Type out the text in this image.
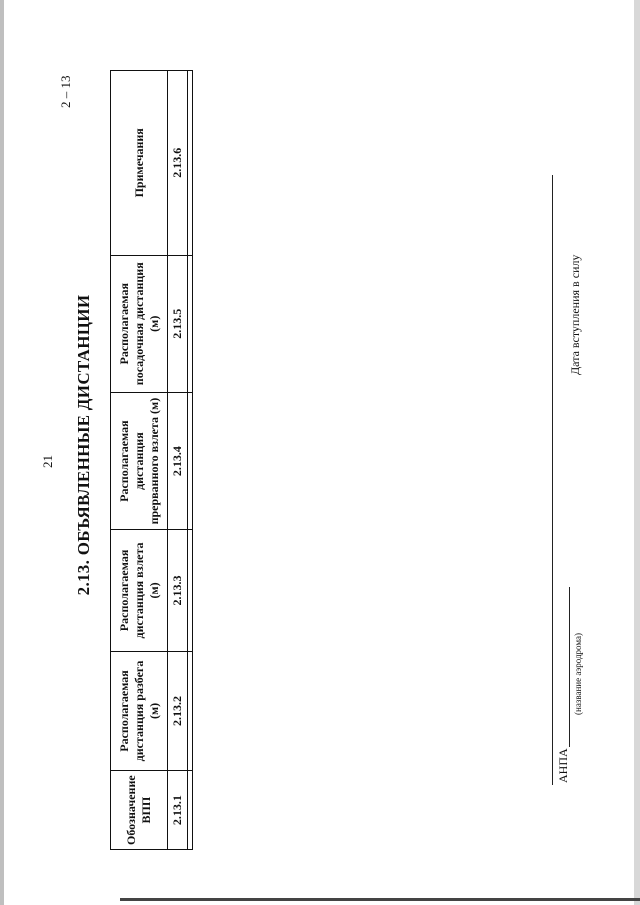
21
2 – 13
2.13. ОБЪЯВЛЕННЫЕ ДИСТАНЦИИ
Обозначение ВПП	Располагаемая дистанция разбега (м)	Располагаемая дистанция взлета (м)	Располагаемая дистанция прерванного взлета (м)	Располагаемая посадочная дистанция (м)	Примечания
2.13.1	2.13.2	2.13.3	2.13.4	2.13.5	2.13.6

АНПА
(название аэродрома)
Дата вступления в силу
